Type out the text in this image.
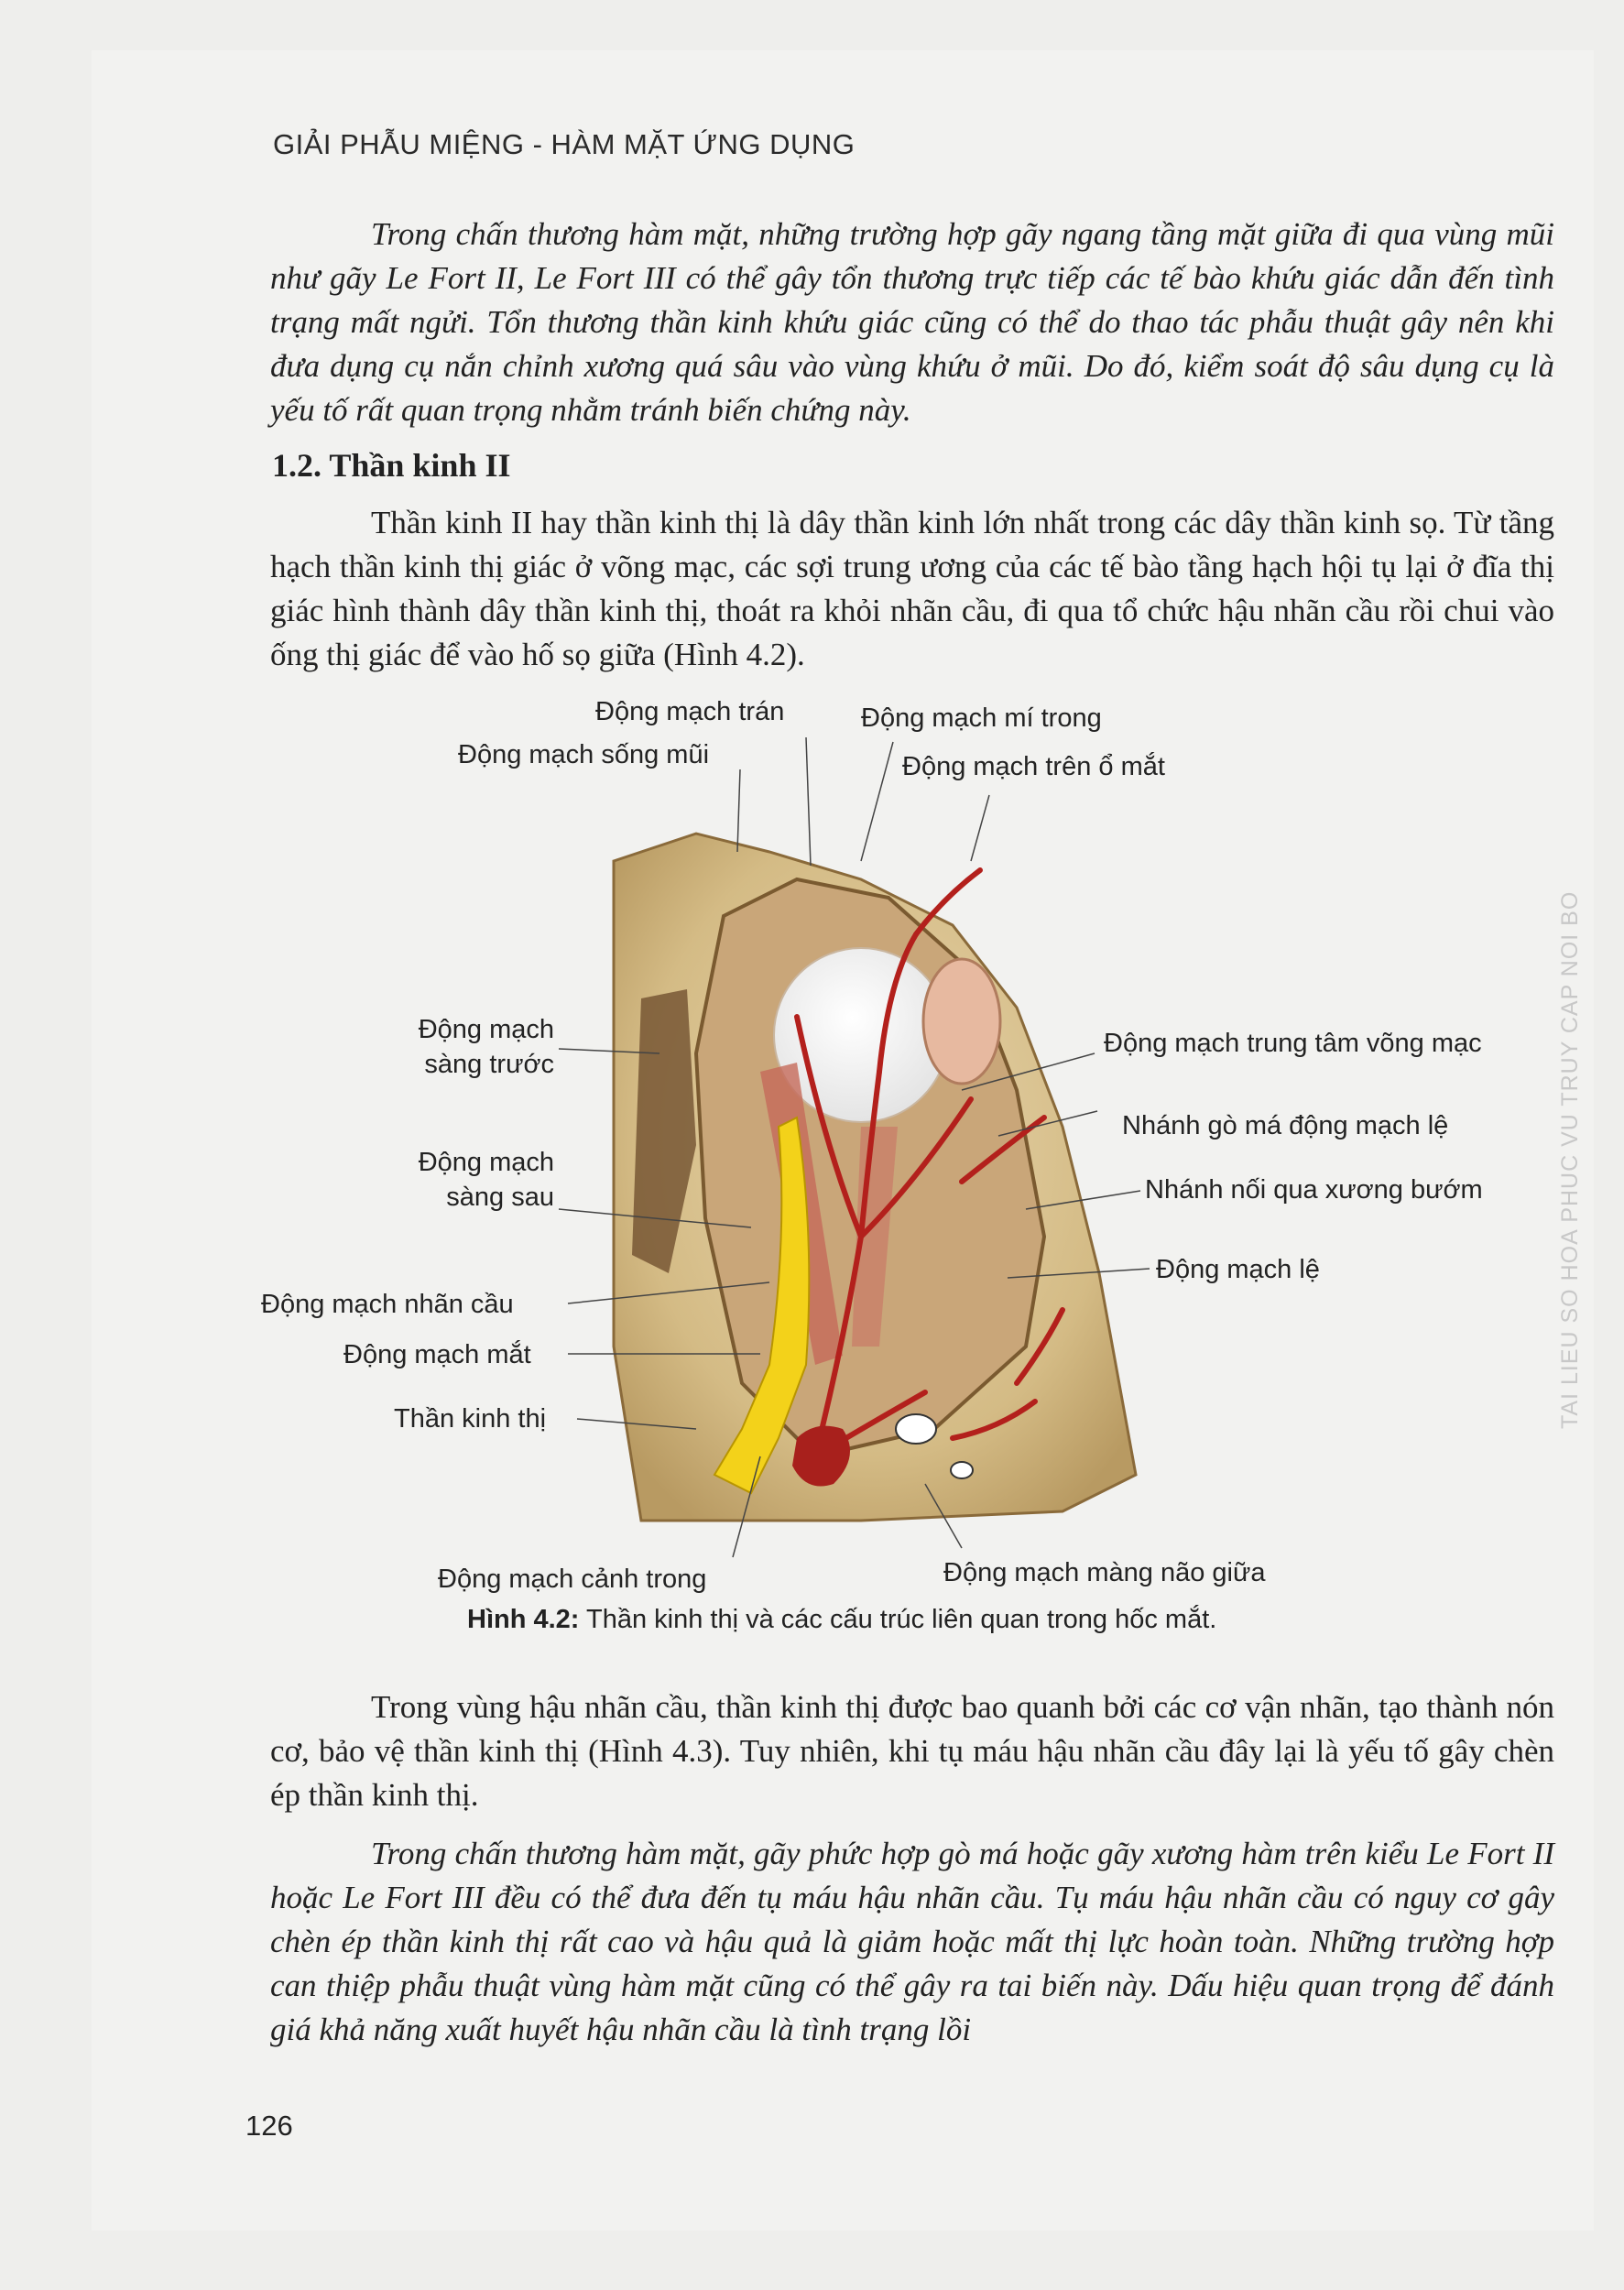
GIẢI PHẪU MIỆNG - HÀM MẶT ỨNG DỤNG
Trong chấn thương hàm mặt, những trường hợp gãy ngang tầng mặt giữa đi qua vùng mũi như gãy Le Fort II, Le Fort III có thể gây tổn thương trực tiếp các tế bào khứu giác dẫn đến tình trạng mất ngửi. Tổn thương thần kinh khứu giác cũng có thể do thao tác phẫu thuật gây nên khi đưa dụng cụ nắn chỉnh xương quá sâu vào vùng khứu ở mũi. Do đó, kiểm soát độ sâu dụng cụ là yếu tố rất quan trọng nhằm tránh biến chứng này.
1.2. Thần kinh II
Thần kinh II hay thần kinh thị là dây thần kinh lớn nhất trong các dây thần kinh sọ. Từ tầng hạch thần kinh thị giác ở võng mạc, các sợi trung ương của các tế bào tầng hạch hội tụ lại ở đĩa thị giác hình thành dây thần kinh thị, thoát ra khỏi nhãn cầu, đi qua tổ chức hậu nhãn cầu rồi chui vào ống thị giác để vào hố sọ giữa (Hình 4.2).
Động mạch trán	Động mạch mí trong
Động mạch sống mũi	Động mạch trên ổ mắt
Động mạch
sàng trước
Động mạch trung tâm võng mạc
Nhánh gò má động mạch lệ
Động mạch
sàng sau	Nhánh nối qua xương bướm
Động mạch lệ
Động mạch nhãn cầu
Động mạch mắt
Thần kinh thị
Động mạch cảnh trong	Động mạch màng não giữa
Hình 4.2: Thần kinh thị và các cấu trúc liên quan trong hốc mắt.
Trong vùng hậu nhãn cầu, thần kinh thị được bao quanh bởi các cơ vận nhãn, tạo thành nón cơ, bảo vệ thần kinh thị (Hình 4.3). Tuy nhiên, khi tụ máu hậu nhãn cầu đây lại là yếu tố gây chèn ép thần kinh thị.
Trong chấn thương hàm mặt, gãy phức hợp gò má hoặc gãy xương hàm trên kiểu Le Fort II hoặc Le Fort III đều có thể đưa đến tụ máu hậu nhãn cầu. Tụ máu hậu nhãn cầu có nguy cơ gây chèn ép thần kinh thị rất cao và hậu quả là giảm hoặc mất thị lực hoàn toàn. Những trường hợp can thiệp phẫu thuật vùng hàm mặt cũng có thể gây ra tai biến này. Dấu hiệu quan trọng để đánh giá khả năng xuất huyết hậu nhãn cầu là tình trạng lồi
126
TAI LIEU SO HOA PHUC VU TRUY CAP NOI BO
